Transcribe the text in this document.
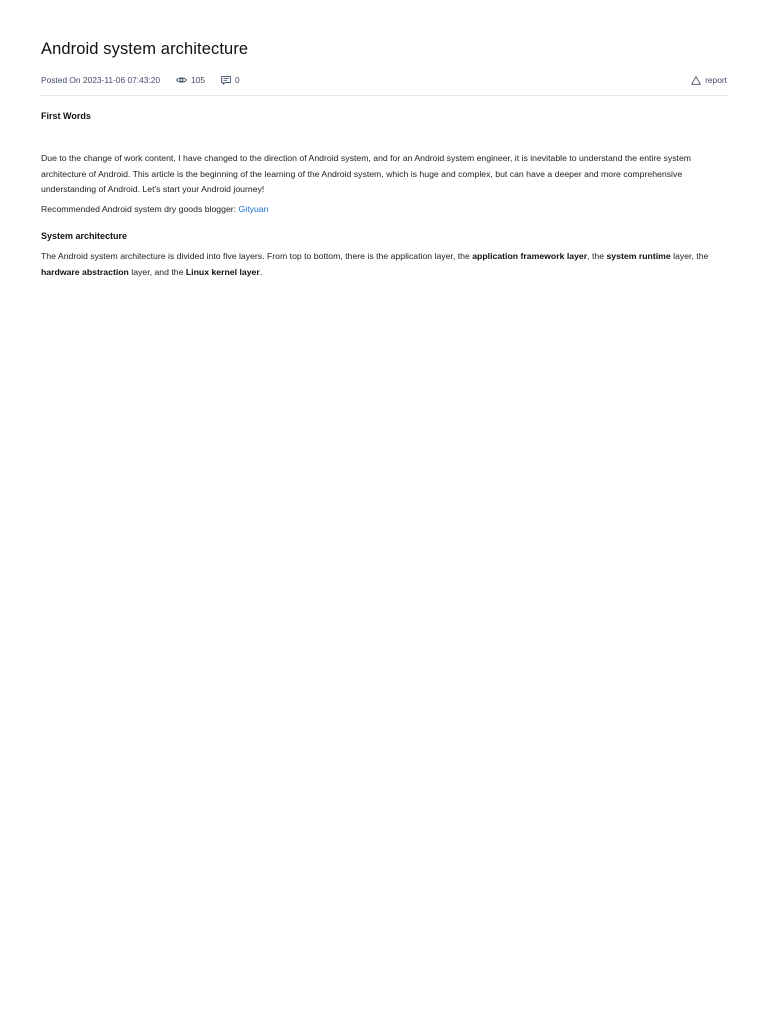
Android system architecture
Posted On 2023-11-06 07:43:20	105	0	report
First Words

Due to the change of work content, I have changed to the direction of Android system, and for an Android system engineer, it is inevitable to understand the entire system architecture of Android. This article is the beginning of the learning of the Android system, which is huge and complex, but can have a deeper and more comprehensive understanding of Android. Let's start your Android journey!

Recommended Android system dry goods blogger: Gityuan

System architecture

The Android system architecture is divided into five layers. From top to bottom, there is the application layer, the application framework layer, the system runtime layer, the hardware abstraction layer, and the Linux kernel layer.
